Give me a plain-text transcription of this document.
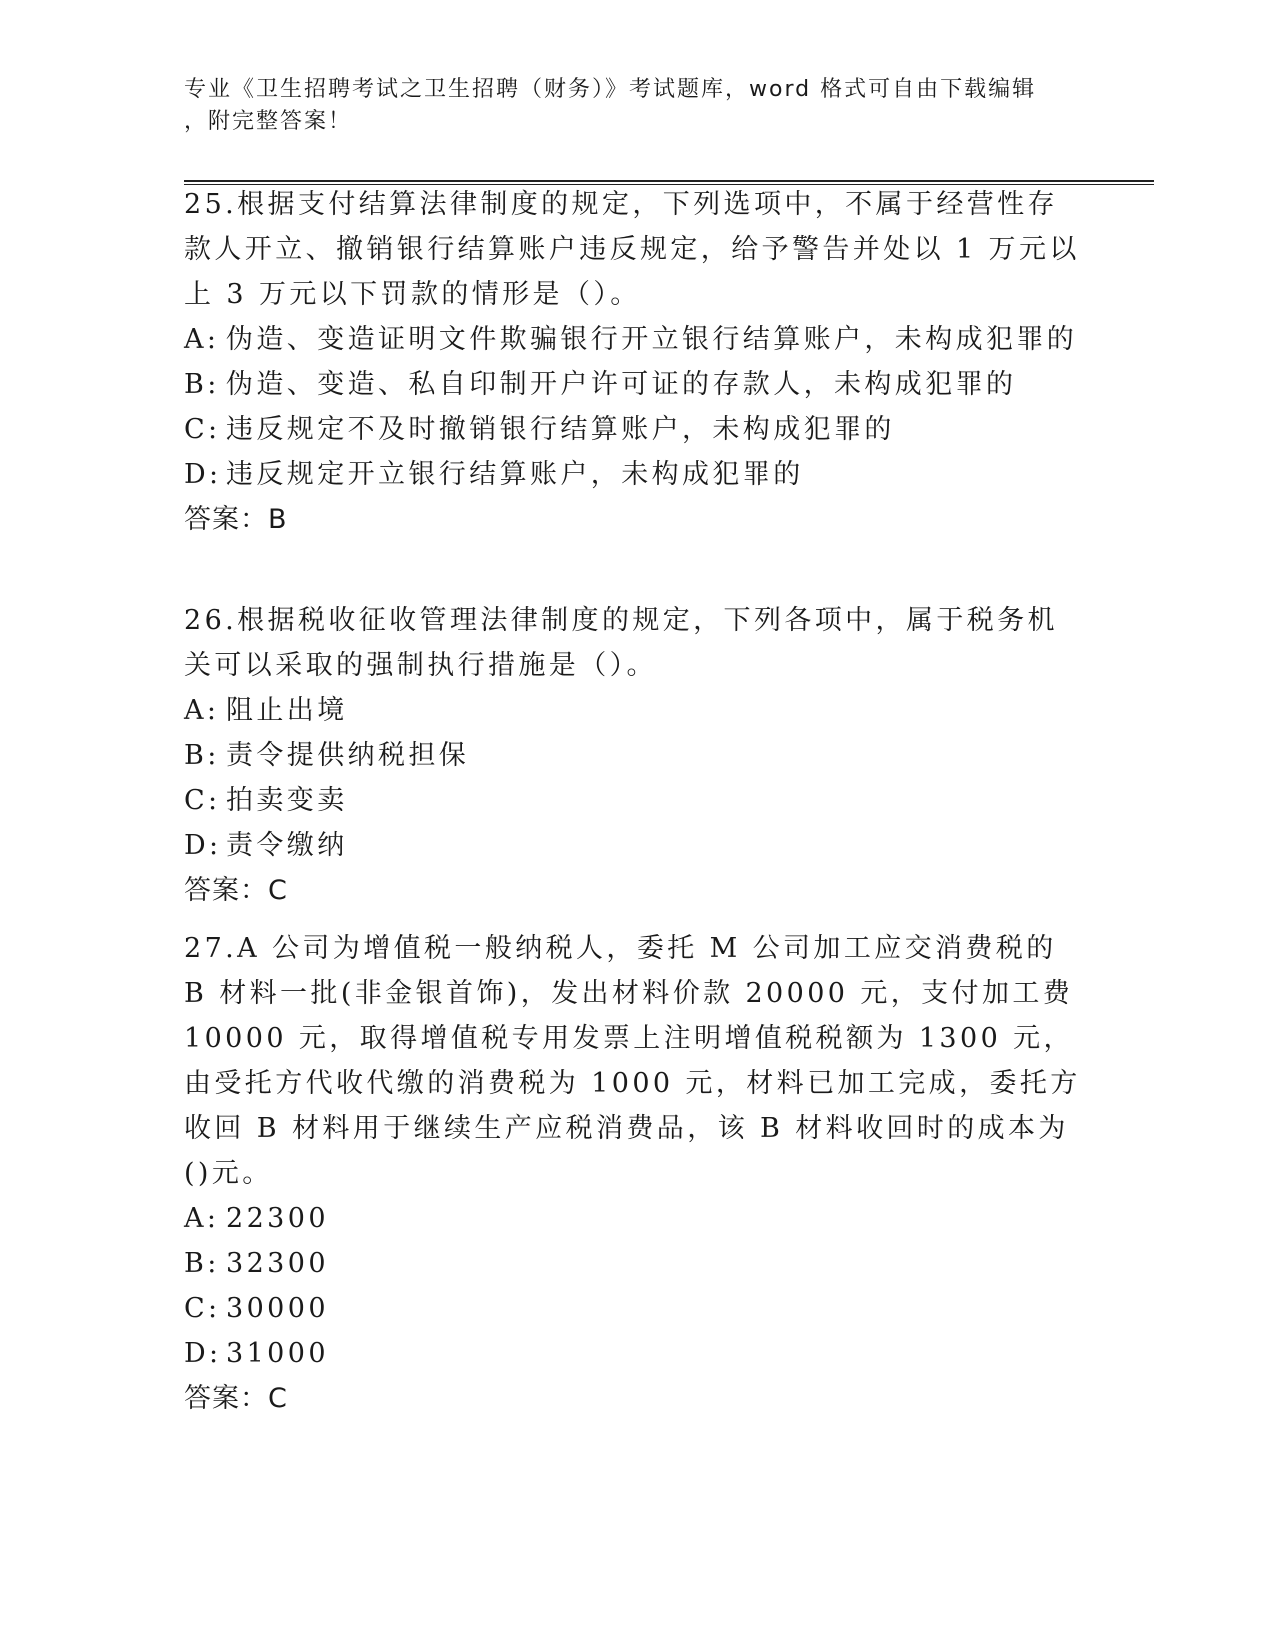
专业《卫生招聘考试之卫生招聘（财务）》考试题库，word 格式可自由下载编辑
，附完整答案！

25.根据支付结算法律制度的规定，下列选项中，不属于经营性存款人开立、撤销银行结算账户违反规定，给予警告并处以 1 万元以上 3 万元以下罚款的情形是（）。

A: 伪造、变造证明文件欺骗银行开立银行结算账户，未构成犯罪的

B: 伪造、变造、私自印制开户许可证的存款人，未构成犯罪的

C: 违反规定不及时撤销银行结算账户，未构成犯罪的

D: 违反规定开立银行结算账户，未构成犯罪的

答案：B

26.根据税收征收管理法律制度的规定，下列各项中，属于税务机关可以采取的强制执行措施是（）。

A: 阻止出境

B: 责令提供纳税担保

C: 拍卖变卖

D: 责令缴纳

答案：C

27.A 公司为增值税一般纳税人，委托 M 公司加工应交消费税的 B 材料一批(非金银首饰)，发出材料价款 20000 元，支付加工费 10000 元，取得增值税专用发票上注明增值税税额为 1300 元，由受托方代收代缴的消费税为 1000 元，材料已加工完成，委托方收回 B 材料用于继续生产应税消费品，该 B 材料收回时的成本为()元。

A: 22300

B: 32300

C: 30000

D: 31000

答案：C
